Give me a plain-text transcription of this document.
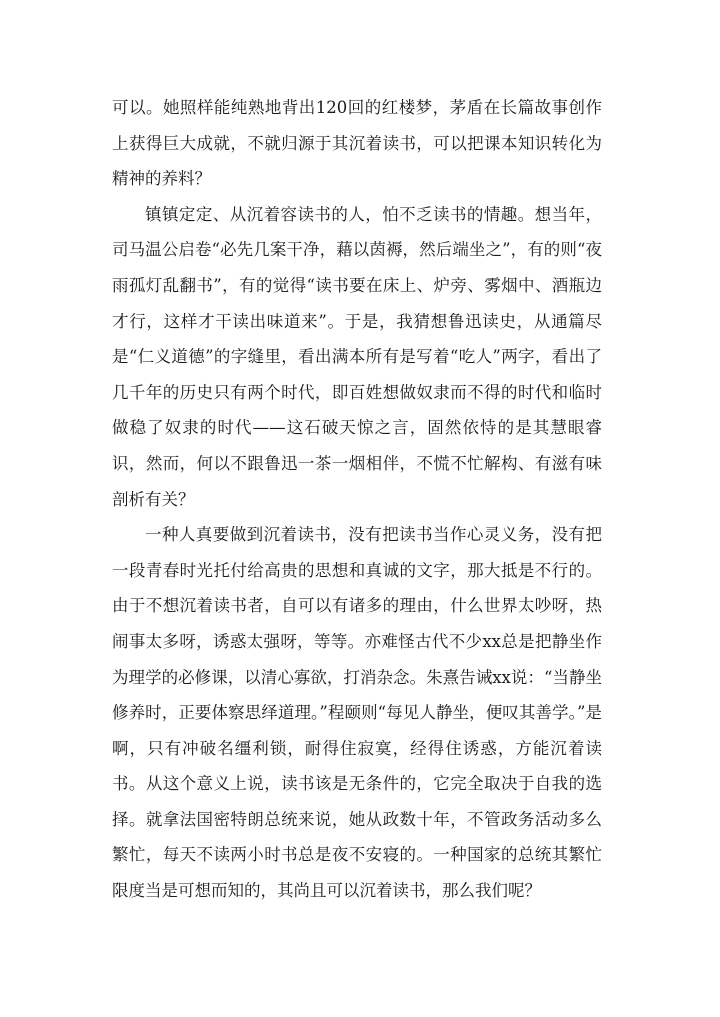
可以。她照样能纯熟地背出120回的红楼梦，茅盾在长篇故事创作上获得巨大成就，不就归源于其沉着读书，可以把课本知识转化为精神的养料？

镇镇定定、从沉着容读书的人，怕不乏读书的情趣。想当年，司马温公启卷“必先几案干净，藉以茵褥，然后端坐之”，有的则“夜雨孤灯乱翻书”，有的觉得“读书要在床上、炉旁、雾烟中、酒瓶边才行，这样才干读出味道来”。于是，我猜想鲁迅读史，从通篇尽是“仁义道德”的字缝里，看出满本所有是写着“吃人”两字，看出了几千年的历史只有两个时代，即百姓想做奴隶而不得的时代和临时做稳了奴隶的时代——这石破天惊之言，固然依恃的是其慧眼睿识，然而，何以不跟鲁迅一茶一烟相伴，不慌不忙解构、有滋有味剖析有关？

一种人真要做到沉着读书，没有把读书当作心灵义务，没有把一段青春时光托付给高贵的思想和真诚的文字，那大抵是不行的。由于不想沉着读书者，自可以有诸多的理由，什么世界太吵呀，热闹事太多呀，诱惑太强呀，等等。亦难怪古代不少xx总是把静坐作为理学的必修课，以清心寡欲，打消杂念。朱熹告诫xx说：“当静坐修养时，正要体察思绎道理。”程颐则“每见人静坐，便叹其善学。”是啊，只有冲破名缰利锁，耐得住寂寞，经得住诱惑，方能沉着读书。从这个意义上说，读书该是无条件的，它完全取决于自我的选择。就拿法国密特朗总统来说，她从政数十年，不管政务活动多么繁忙，每天不读两小时书总是夜不安寝的。一种国家的总统其繁忙限度当是可想而知的，其尚且可以沉着读书，那么我们呢？
